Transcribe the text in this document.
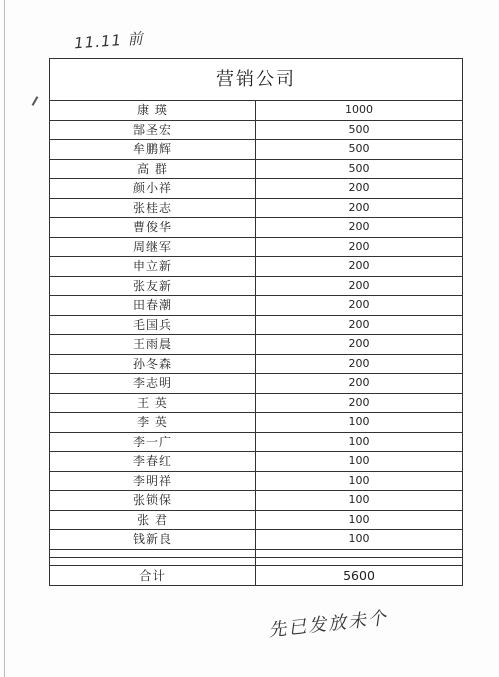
11.11 前
营销公司
康 瑛	1000
郜圣宏	500
牟鹏辉	500
高 群	500
颜小祥	200
张桂志	200
曹俊华	200
周继军	200
申立新	200
张友新	200
田春潮	200
毛国兵	200
王雨晨	200
孙冬森	200
李志明	200
王 英	200
李 英	100
李一广	100
李春红	100
李明祥	100
张锁保	100
张 君	100
钱新良	100

合计	5600
先已发放未个
